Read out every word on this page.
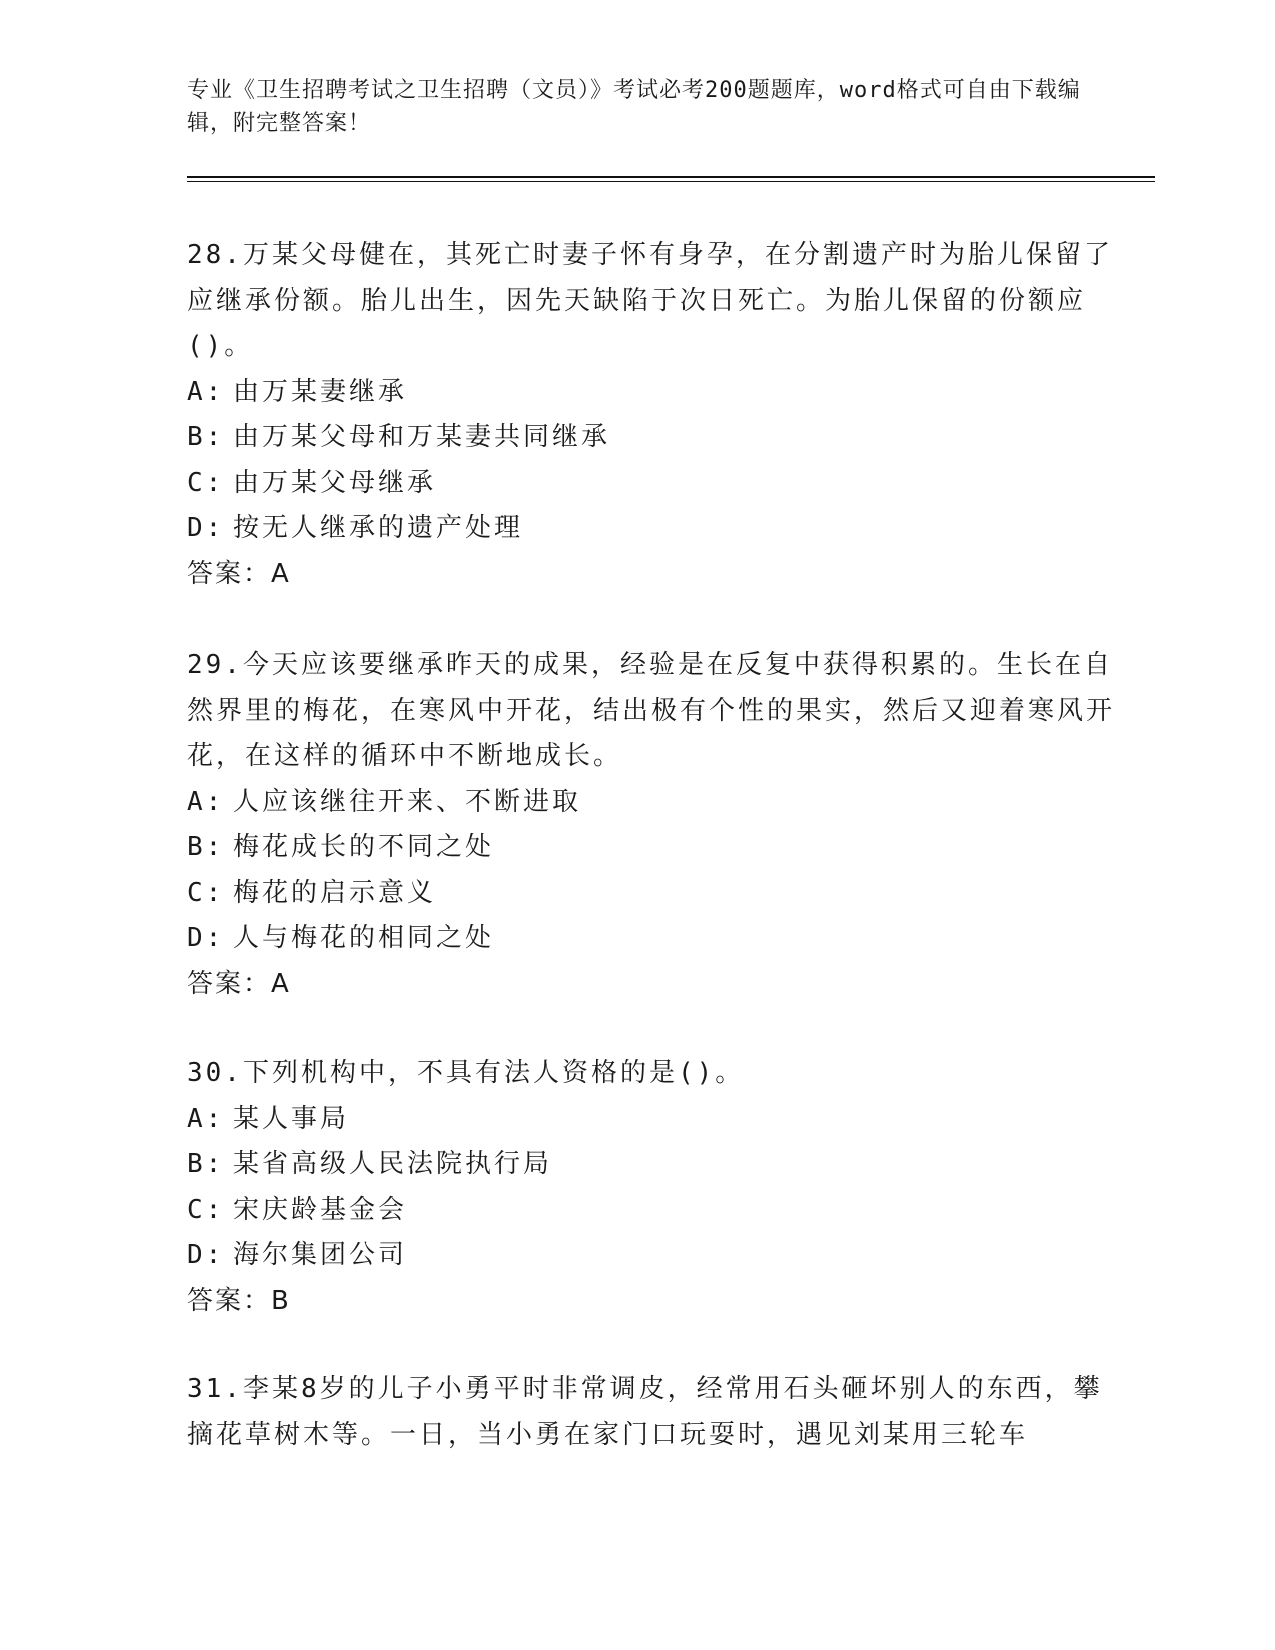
专业《卫生招聘考试之卫生招聘（文员）》考试必考200题题库，word格式可自由下载编辑，附完整答案！
28.万某父母健在，其死亡时妻子怀有身孕，在分割遗产时为胎儿保留了应继承份额。胎儿出生，因先天缺陷于次日死亡。为胎儿保留的份额应()。
A: 由万某妻继承
B: 由万某父母和万某妻共同继承
C: 由万某父母继承
D: 按无人继承的遗产处理
答案：A
29.今天应该要继承昨天的成果，经验是在反复中获得积累的。生长在自然界里的梅花，在寒风中开花，结出极有个性的果实，然后又迎着寒风开花，在这样的循环中不断地成长。
A: 人应该继往开来、不断进取
B: 梅花成长的不同之处
C: 梅花的启示意义
D: 人与梅花的相同之处
答案：A
30.下列机构中，不具有法人资格的是()。
A: 某人事局
B: 某省高级人民法院执行局
C: 宋庆龄基金会
D: 海尔集团公司
答案：B
31.李某8岁的儿子小勇平时非常调皮，经常用石头砸坏别人的东西，攀摘花草树木等。一日，当小勇在家门口玩耍时，遇见刘某用三轮车
